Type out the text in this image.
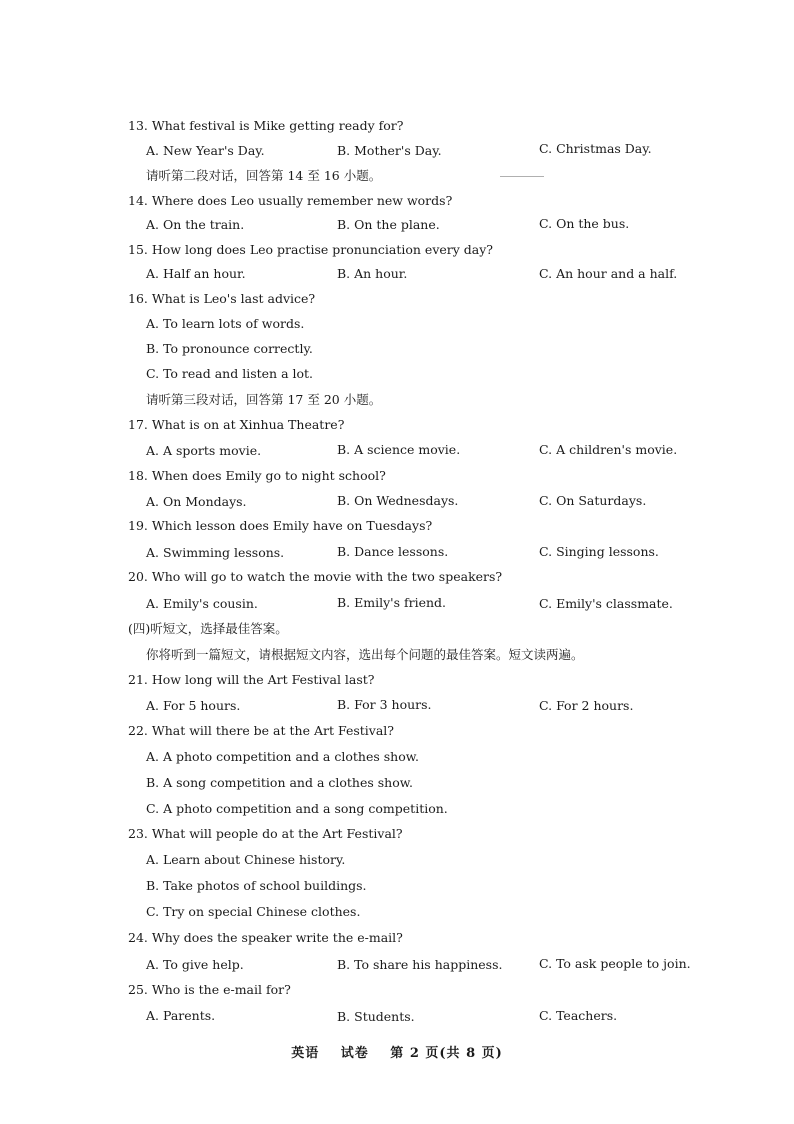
13. What festival is Mike getting ready for?
A. New Year's Day.	B. Mother's Day.	C. Christmas Day.
请听第二段对话，回答第 14 至 16 小题。
14. Where does Leo usually remember new words?
A. On the train.	B. On the plane.	C. On the bus.
15. How long does Leo practise pronunciation every day?
A. Half an hour.	B. An hour.	C. An hour and a half.
16. What is Leo's last advice?
A. To learn lots of words.
B. To pronounce correctly.
C. To read and listen a lot.
请听第三段对话，回答第 17 至 20 小题。
17. What is on at Xinhua Theatre?
A. A sports movie.	B. A science movie.	C. A children's movie.
18. When does Emily go to night school?
A. On Mondays.	B. On Wednesdays.	C. On Saturdays.
19. Which lesson does Emily have on Tuesdays?
A. Swimming lessons.	B. Dance lessons.	C. Singing lessons.
20. Who will go to watch the movie with the two speakers?
A. Emily's cousin.	B. Emily's friend.	C. Emily's classmate.
(四)听短文，选择最佳答案。
你将听到一篇短文，请根据短文内容，选出每个问题的最佳答案。短文读两遍。
21. How long will the Art Festival last?
A. For 5 hours.	B. For 3 hours.	C. For 2 hours.
22. What will there be at the Art Festival?
A. A photo competition and a clothes show.
B. A song competition and a clothes show.
C. A photo competition and a song competition.
23. What will people do at the Art Festival?
A. Learn about Chinese history.
B. Take photos of school buildings.
C. Try on special Chinese clothes.
24. Why does the speaker write the e-mail?
A. To give help.	B. To share his happiness.	C. To ask people to join.
25. Who is the e-mail for?
A. Parents.	B. Students.	C. Teachers.
英语 试卷 第 2 页(共 8 页)
